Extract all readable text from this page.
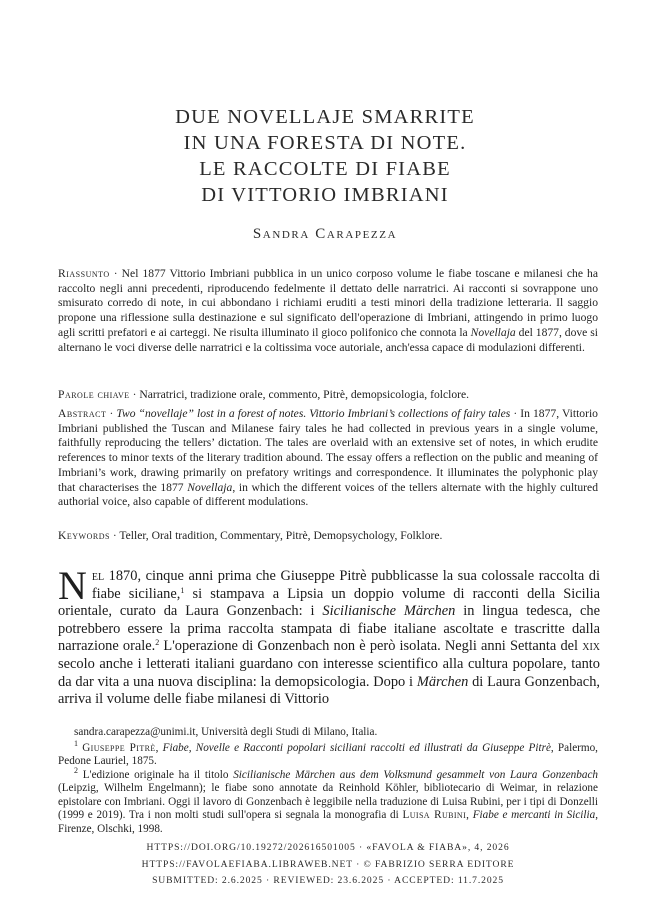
DUE NOVELLAJE SMARRITE
IN UNA FORESTA DI NOTE.
LE RACCOLTE DI FIABE
DI VITTORIO IMBRIANI
Sandra Carapezza
Riassunto · Nel 1877 Vittorio Imbriani pubblica in un unico corposo volume le fiabe toscane e milanesi che ha raccolto negli anni precedenti, riproducendo fedelmente il dettato delle narratrici. Ai racconti si sovrappone uno smisurato corredo di note, in cui abbondano i richiami eruditi a testi minori della tradizione letteraria. Il saggio propone una riflessione sulla destinazione e sul significato dell'operazione di Imbriani, attingendo in primo luogo agli scritti prefatori e ai carteggi. Ne risulta illuminato il gioco polifonico che connota la Novellaja del 1877, dove si alternano le voci diverse delle narratrici e la coltissima voce autoriale, anch'essa capace di modulazioni differenti.
Parole chiave · Narratrici, tradizione orale, commento, Pitrè, demopsicologia, folclore.
Abstract · Two “novellaje” lost in a forest of notes. Vittorio Imbriani’s collections of fairy tales · In 1877, Vittorio Imbriani published the Tuscan and Milanese fairy tales he had collected in previous years in a single volume, faithfully reproducing the tellers’ dictation. The tales are overlaid with an extensive set of notes, in which erudite references to minor texts of the literary tradition abound. The essay offers a reflection on the public and meaning of Imbriani’s work, drawing primarily on prefatory writings and correspondence. It illuminates the polyphonic play that characterises the 1877 Novellaja, in which the different voices of the tellers alternate with the highly cultured authorial voice, also capable of different modulations.
Keywords · Teller, Oral tradition, Commentary, Pitrè, Demopsychology, Folklore.
Nel 1870, cinque anni prima che Giuseppe Pitrè pubblicasse la sua colossale raccolta di fiabe siciliane,$^1$ si stampava a Lipsia un doppio volume di racconti della Sicilia orientale, curato da Laura Gonzenbach: i Sicilianische Märchen in lingua tedesca, che potrebbero essere la prima raccolta stampata di fiabe italiane ascoltate e trascritte dalla narrazione orale.$^2$ L'operazione di Gonzenbach non è però isolata. Negli anni Settanta del xix secolo anche i letterati italiani guardano con interesse scientifico alla cultura popolare, tanto da dar vita a una nuova disciplina: la demopsicologia. Dopo i Märchen di Laura Gonzenbach, arriva il volume delle fiabe milanesi di Vittorio
sandra.carapezza@unimi.it, Università degli Studi di Milano, Italia.
$^1$ Giuseppe Pitrè, Fiabe, Novelle e Racconti popolari siciliani raccolti ed illustrati da Giuseppe Pitrè, Palermo, Pedone Lauriel, 1875.
$^2$ L'edizione originale ha il titolo Sicilianische Märchen aus dem Volksmund gesammelt von Laura Gonzenbach (Leipzig, Wilhelm Engelmann); le fiabe sono annotate da Reinhold Köhler, bibliotecario di Weimar, in relazione epistolare con Imbriani. Oggi il lavoro di Gonzenbach è leggibile nella traduzione di Luisa Rubini, per i tipi di Donzelli (1999 e 2019). Tra i non molti studi sull'opera si segnala la monografia di Luisa Rubini, Fiabe e mercanti in Sicilia, Firenze, Olschki, 1998.
HTTPS://DOI.ORG/10.19272/202616501005 · «FAVOLA & FIABA», 4, 2026
HTTPS://FAVOLAEFIABA.LIBRAWEB.NET · © FABRIZIO SERRA EDITORE
SUBMITTED: 2.6.2025 · REVIEWED: 23.6.2025 · ACCEPTED: 11.7.2025
